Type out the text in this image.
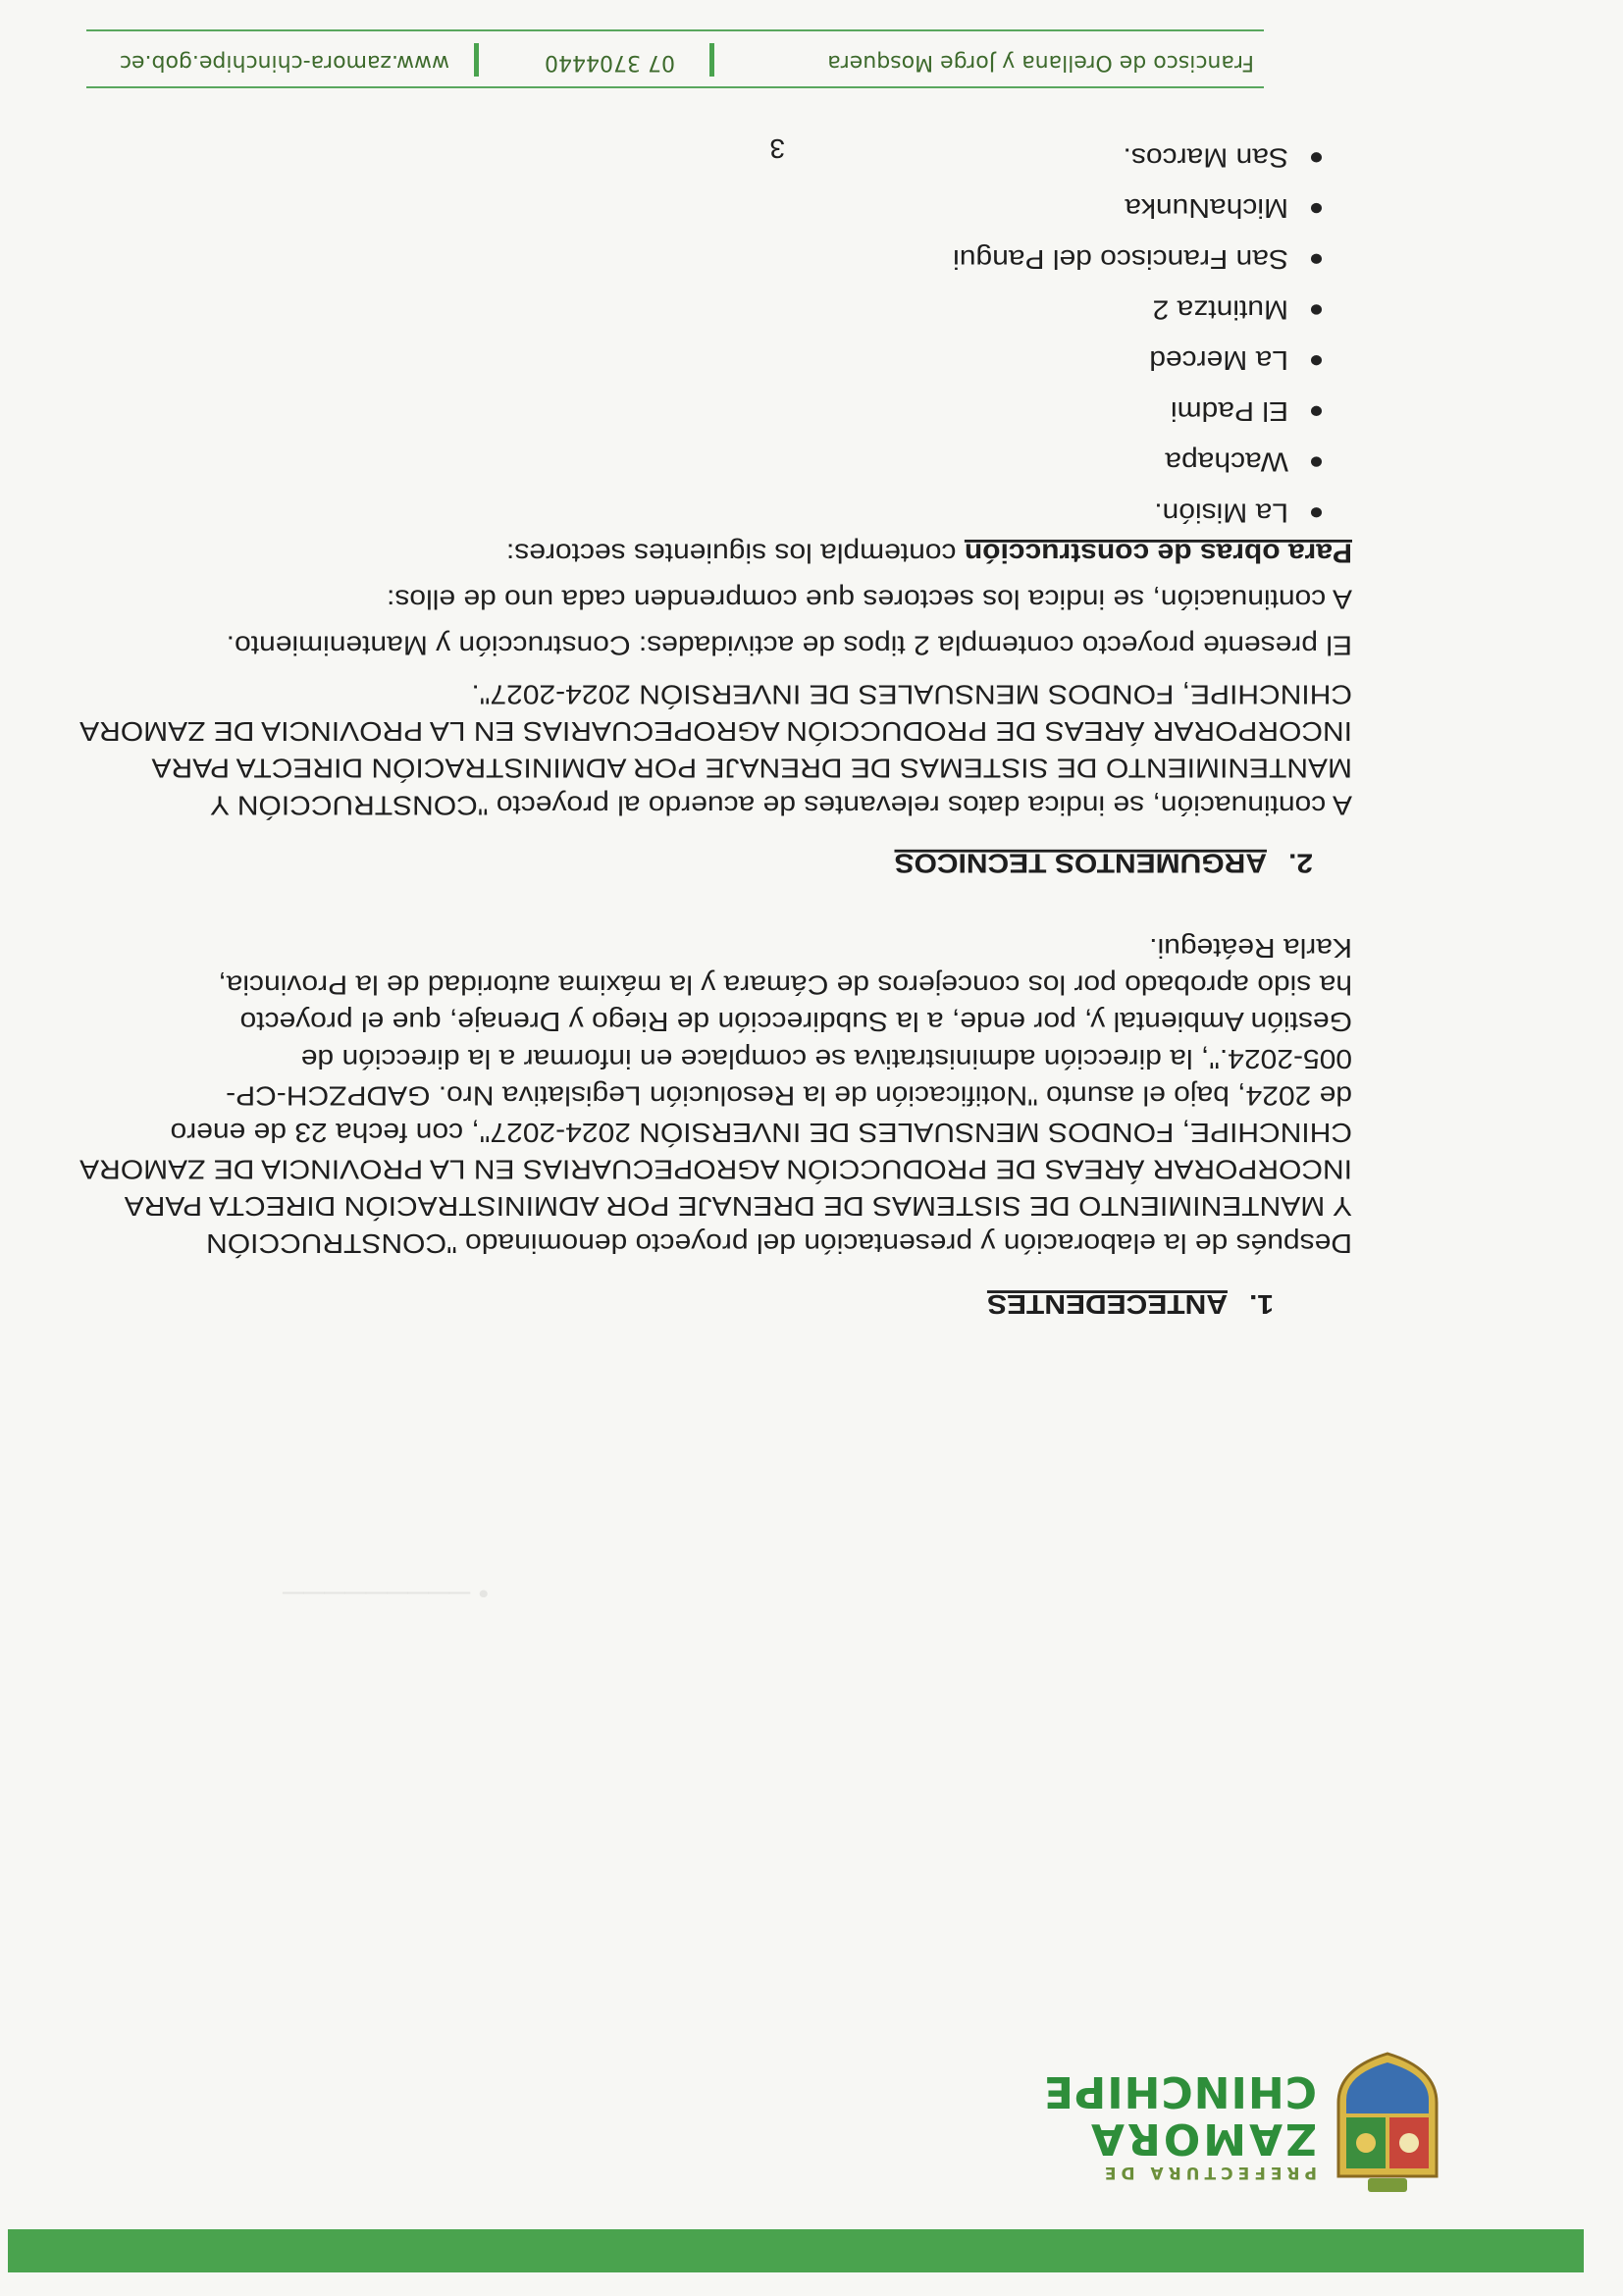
PREFECTURA DE
ZAMORA
CHINCHIPE
• ─────────
1.ANTECEDENTES
Después de la elaboración y presentación del proyecto denominado "CONSTRUCCIÓN
Y MANTENIMIENTO DE SISTEMAS DE DRENAJE POR ADMINISTRACIÓN DIRECTA PARA
INCORPORAR ÁREAS DE PRODUCCIÓN AGROPECUARIAS EN LA PROVINCIA DE ZAMORA
CHINCHIPE, FONDOS MENSUALES DE INVERSIÓN 2024-2027", con fecha 23 de enero
de 2024, bajo el asunto "Notificación de la Resolución Legislativa Nro. GADPZCH-CP-
005-2024.", la dirección administrativa se complace en informar a la dirección de
Gestión Ambiental y, por ende, a la Subdirección de Riego y Drenaje, que el proyecto
ha sido aprobado por los concejeros de Cámara y la máxima autoridad de la Provincia,
Karla Reátegui.
2.ARGUMENTOS TECNICOS
A continuación, se indica datos relevantes de acuerdo al proyecto "CONSTRUCCIÓN Y
MANTENIMIENTO DE SISTEMAS DE DRENAJE POR ADMINISTRACIÓN DIRECTA PARA
INCORPORAR ÁREAS DE PRODUCCIÓN AGROPECUARIAS EN LA PROVINCIA DE ZAMORA
CHINCHIPE, FONDOS MENSUALES DE INVERSIÓN 2024-2027".
El presente proyecto contempla 2 tipos de actividades: Construcción y Mantenimiento.
A continuación, se indica los sectores que comprenden cada uno de ellos:
Para obras de construcción contempla los siguientes sectores:
La Misión.
Wachapa
El Padmi
La Merced
Mutintza 2
San Francisco del Pangui
MichaNunka
San Marcos.
3
Francisco de Orellana y Jorge Mosquera
07 3704440
www.zamora-chinchipe.gob.ec
